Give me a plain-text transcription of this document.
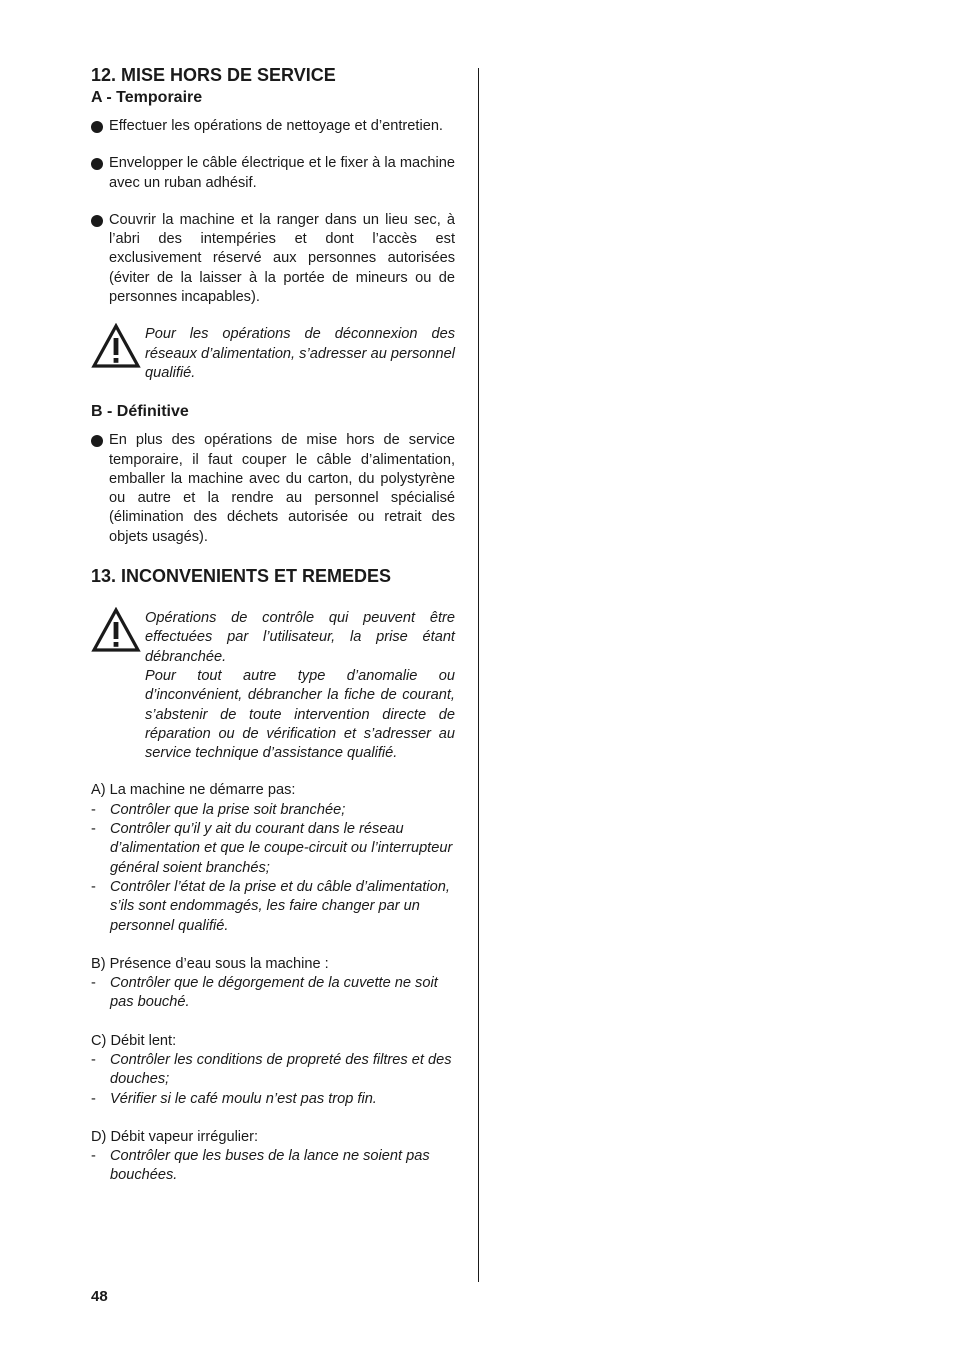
12. MISE HORS DE SERVICE
A - Temporaire
Effectuer les opérations de nettoyage et d’entretien.
Envelopper le câble électrique et le fixer à la machine avec un ruban adhésif.
Couvrir la machine et la ranger dans un lieu sec, à l’abri des intempéries et dont l’accès est exclusivement réservé aux personnes autorisées (éviter de la laisser à la portée de mineurs ou de personnes incapables).
Pour les opérations de déconnexion des réseaux d’alimentation, s’adresser au personnel qualifié.
B - Définitive
En plus des opérations de mise hors de service temporaire, il faut couper le câble d’alimentation, emballer la machine avec du carton, du polystyrène ou autre et la rendre au personnel spécialisé (élimination des déchets autorisée ou retrait des objets usagés).
13. INCONVENIENTS ET REMEDES
Opérations de contrôle qui peuvent être effectuées par l’utilisateur, la prise étant débranchée.
Pour tout autre type d’anomalie ou d’inconvénient, débrancher la fiche de courant, s’abstenir de toute intervention directe de réparation ou de vérification et s’adresser au service technique d’assistance qualifié.
A) La machine ne démarre pas:
- Contrôler que la prise soit branchée;
- Contrôler qu’il y ait du courant dans le réseau d’alimentation et que le coupe-circuit ou l’interrupteur général soient branchés;
- Contrôler l’état de la prise et du câble d’alimentation, s’ils sont endommagés, les faire changer par un personnel qualifié.
B) Présence d’eau sous la machine :
- Contrôler que le dégorgement de la cuvette ne soit pas bouché.
C) Débit lent:
- Contrôler les conditions de propreté des filtres et des douches;
- Vérifier si le café moulu n’est pas trop fin.
D) Débit vapeur irrégulier:
- Contrôler que les buses de la lance ne soient pas bouchées.
48
